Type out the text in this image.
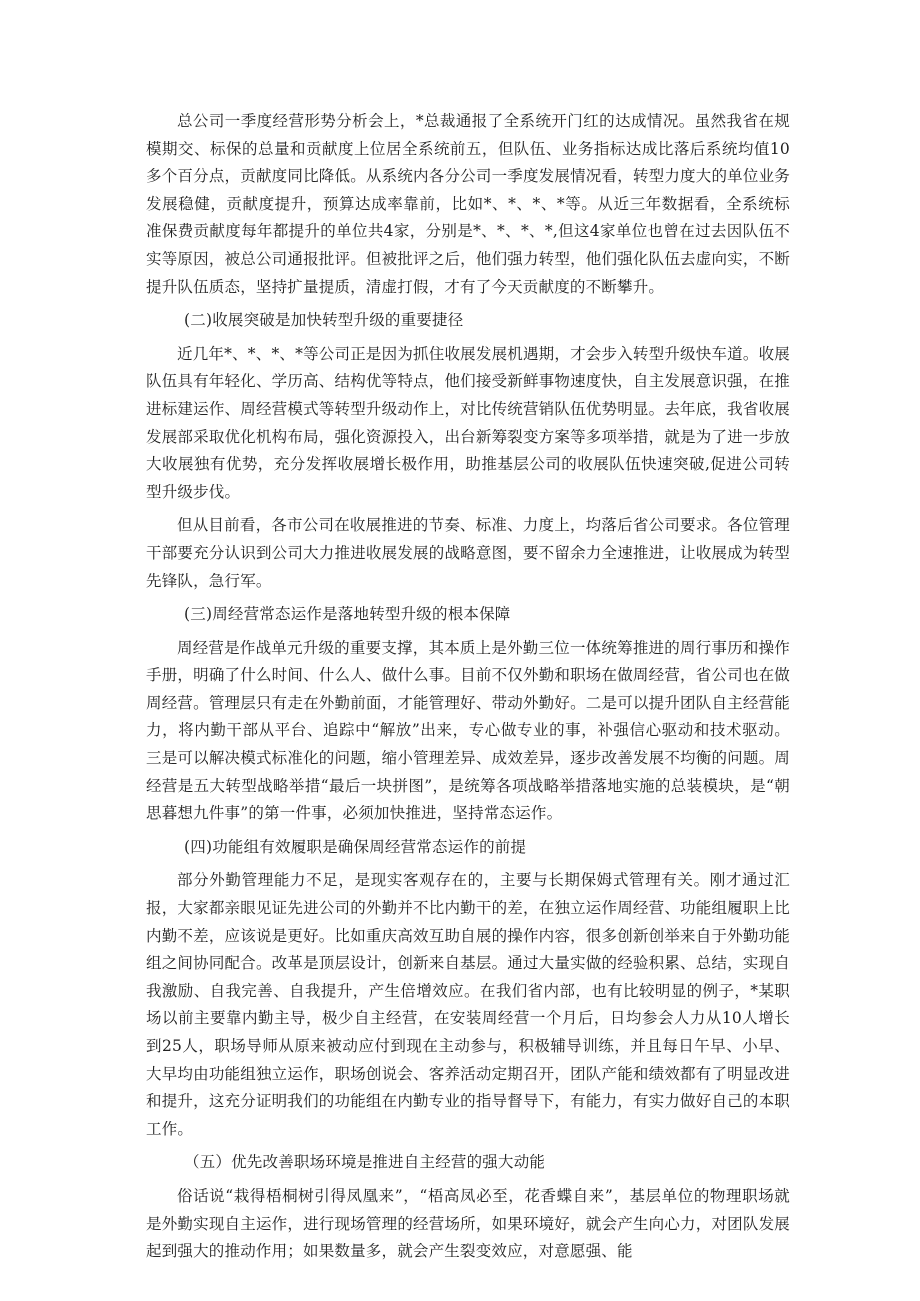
总公司一季度经营形势分析会上，*总裁通报了全系统开门红的达成情况。虽然我省在规模期交、标保的总量和贡献度上位居全系统前五，但队伍、业务指标达成比落后系统均值10多个百分点，贡献度同比降低。从系统内各分公司一季度发展情况看，转型力度大的单位业务发展稳健，贡献度提升，预算达成率靠前，比如*、*、*、*等。从近三年数据看，全系统标准保费贡献度每年都提升的单位共4家，分别是*、*、*、*,但这4家单位也曾在过去因队伍不实等原因，被总公司通报批评。但被批评之后，他们强力转型，他们强化队伍去虚向实，不断提升队伍质态，坚持扩量提质，清虚打假，才有了今天贡献度的不断攀升。

(二)收展突破是加快转型升级的重要捷径

近几年*、*、*、*等公司正是因为抓住收展发展机遇期，才会步入转型升级快车道。收展队伍具有年轻化、学历高、结构优等特点，他们接受新鲜事物速度快，自主发展意识强，在推进标建运作、周经营模式等转型升级动作上，对比传统营销队伍优势明显。去年底，我省收展发展部采取优化机构布局，强化资源投入，出台新筹裂变方案等多项举措，就是为了进一步放大收展独有优势，充分发挥收展增长极作用，助推基层公司的收展队伍快速突破,促进公司转型升级步伐。

但从目前看，各市公司在收展推进的节奏、标准、力度上，均落后省公司要求。各位管理干部要充分认识到公司大力推进收展发展的战略意图，要不留余力全速推进，让收展成为转型先锋队，急行军。

(三)周经营常态运作是落地转型升级的根本保障

周经营是作战单元升级的重要支撑，其本质上是外勤三位一体统筹推进的周行事历和操作手册，明确了什么时间、什么人、做什么事。目前不仅外勤和职场在做周经营，省公司也在做周经营。管理层只有走在外勤前面，才能管理好、带动外勤好。二是可以提升团队自主经营能力，将内勤干部从平台、追踪中“解放”出来，专心做专业的事，补强信心驱动和技术驱动。三是可以解决模式标准化的问题，缩小管理差异、成效差异，逐步改善发展不均衡的问题。周经营是五大转型战略举措“最后一块拼图”，是统筹各项战略举措落地实施的总装模块，是“朝思暮想九件事”的第一件事，必须加快推进，坚持常态运作。

(四)功能组有效履职是确保周经营常态运作的前提

部分外勤管理能力不足，是现实客观存在的，主要与长期保姆式管理有关。刚才通过汇报，大家都亲眼见证先进公司的外勤并不比内勤干的差，在独立运作周经营、功能组履职上比内勤不差，应该说是更好。比如重庆高效互助自展的操作内容，很多创新创举来自于外勤功能组之间协同配合。改革是顶层设计，创新来自基层。通过大量实做的经验积累、总结，实现自我激励、自我完善、自我提升，产生倍增效应。在我们省内部，也有比较明显的例子，*某职场以前主要靠内勤主导，极少自主经营，在安装周经营一个月后，日均参会人力从10人增长到25人，职场导师从原来被动应付到现在主动参与，积极辅导训练，并且每日午早、小早、大早均由功能组独立运作，职场创说会、客养活动定期召开，团队产能和绩效都有了明显改进和提升，这充分证明我们的功能组在内勤专业的指导督导下，有能力，有实力做好自己的本职工作。

（五）优先改善职场环境是推进自主经营的强大动能

俗话说“栽得梧桐树引得凤凰来”，“梧高凤必至，花香蝶自来”，基层单位的物理职场就是外勤实现自主运作，进行现场管理的经营场所，如果环境好，就会产生向心力，对团队发展起到强大的推动作用；如果数量多，就会产生裂变效应，对意愿强、能
